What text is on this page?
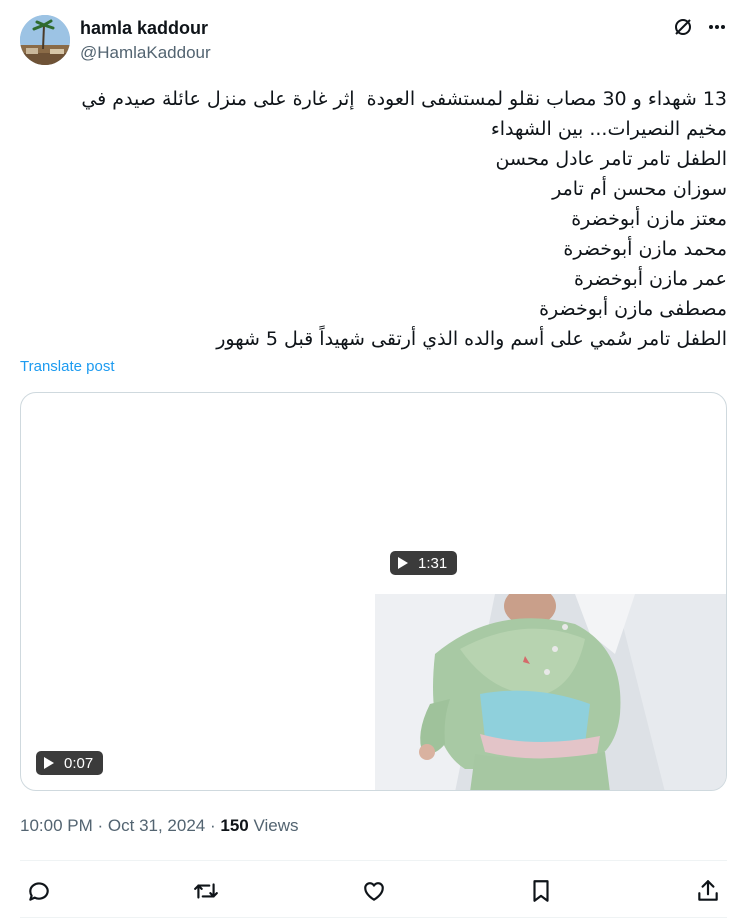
hamla kaddour
@HamlaKaddour
13 شهداء و 30 مصاب نقلو لمستشفى العودة  إثر غارة على منزل عائلة صيدم في
مخيم النصيرات... بين الشهداء
الطفل تامر تامر عادل محسن
سوزان محسن أم تامر
معتز مازن أبوخضرة
محمد مازن أبوخضرة
عمر مازن أبوخضرة
مصطفى مازن أبوخضرة
الطفل تامر سُمي على أسم والده الذي أرتقى شهيداً قبل 5 شهور
Translate post
1:31
0:07
10:00 PM · Oct 31, 2024 · 150 Views
